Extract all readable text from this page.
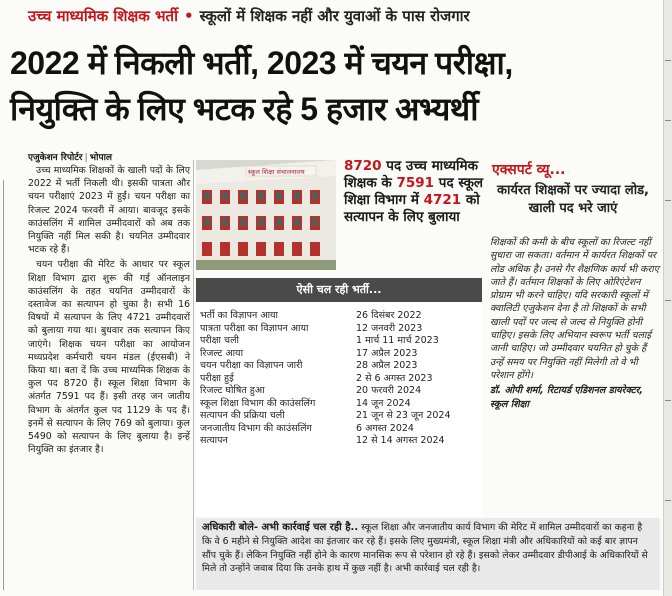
उच्च माध्यमिक शिक्षक भर्ती • स्कूलों में शिक्षक नहीं और युवाओं के पास रोजगार
2022 में निकली भर्ती, 2023 में चयन परीक्षा,
नियुक्ति के लिए भटक रहे 5 हजार अभ्यर्थी
एजुकेशन रिपोर्टर | भोपाल

उच्च माध्यमिक शिक्षकों के खाली पदों के लिए 2022 में भर्ती निकली थी। इसकी पात्रता और चयन परीक्षाएं 2023 में हुईं। चयन परीक्षा का रिजल्ट 2024 फरवरी में आया। बावजूद इसके काउंसलिंग में शामिल उम्मीदवारों को अब तक नियुक्ति नहीं मिल सकी है। चयनित उम्मीदवार भटक रहे हैं।

चयन परीक्षा की मेरिट के आधार पर स्कूल शिक्षा विभाग द्वारा शुरू की गई ऑनलाइन काउंसलिंग के तहत चयनित उम्मीदवारों के दस्तावेज का सत्यापन हो चुका है। सभी 16 विषयों में सत्यापन के लिए 4721 उम्मीदवारों को बुलाया गया था। बुधवार तक सत्यापन किए जाएंगे। शिक्षक चयन परीक्षा का आयोजन मध्यप्रदेश कर्मचारी चयन मंडल (ईएसबी) ने किया था। बता दें कि उच्च माध्यमिक शिक्षक के कुल पद 8720 हैं। स्कूल शिक्षा विभाग के अंतर्गत 7591 पद हैं। इसी तरह जन जातीय विभाग के अंतर्गत कुल पद 1129 के पद हैं। इनमें से सत्यापन के लिए 769 को बुलाया। कुल 5490 को सत्यापन के लिए बुलाया है। इन्हें नियुक्ति का इंतजार है।

स्कूल शिक्षा संचालनालय	8720 पद उच्च माध्यमिक शिक्षक के 7591 पद स्कूल शिक्षा विभाग में 4721 को सत्यापन के लिए बुलाया
एक्सपर्ट व्यू...
कार्यरत शिक्षकों पर ज्यादा लोड, खाली पद भरे जाएं
शिक्षकों की कमी के बीच स्कूलों का रिजल्ट नहीं सुधारा जा सकता। वर्तमान में कार्यरत शिक्षकों पर लोड अधिक है। उनसे गैर शैक्षणिक कार्य भी कराए जाते हैं। वर्तमान शिक्षकों के लिए ओरिएंटेशन प्रोग्राम भी करने चाहिए। यदि सरकारी स्कूलों में क्वालिटी एजुकेशन देना है तो शिक्षकों के सभी खाली पदों पर जल्द से जल्द से नियुक्ति होनी चाहिए। इसके लिए अभियान स्वरूप भर्ती चलाई जानी चाहिए। जो उम्मीदवार चयनित हो चुके हैं उन्हें समय पर नियुक्ति नहीं मिलेगी तो वे भी परेशान होंगे।
डॉ. ओपी शर्मा, रिटायर्ड एडिशनल डायरेक्टर, स्कूल शिक्षा
ऐसी चल रही भर्ती...
भर्ती का विज्ञापन आया	26 दिसंबर 2022
पात्रता परीक्षा का विज्ञापन आया	12 जनवरी 2023
परीक्षा चली	1 मार्च 11 मार्च 2023
रिजल्ट आया	17 अप्रैल 2023
चयन परीक्षा का विज्ञापन जारी	28 अप्रैल 2023
परीक्षा हुई	2 से 6 अगस्त 2023
रिजल्ट घोषित हुआ	20 फरवरी 2024
स्कूल शिक्षा विभाग की काउंसलिंग	14 जून 2024
सत्यापन की प्रक्रिया चली	21 जून से 23 जून 2024
जनजातीय विभाग की काउंसलिंग	6 अगस्त 2024
सत्यापन	12 से 14 अगस्त 2024
अधिकारी बोले- अभी कार्रवाई चल रही है.. स्कूल शिक्षा और जनजातीय कार्य विभाग की मेरिट में शामिल उम्मीदवारों का कहना है कि वे 6 महीने से नियुक्ति आदेश का इंतजार कर रहे हैं। इसके लिए मुख्यमंत्री, स्कूल शिक्षा मंत्री और अधिकारियों को कई बार ज्ञापन सौंप चुके हैं। लेकिन नियुक्ति नहीं होने के कारण मानसिक रूप से परेशान हो रहे हैं। इसको लेकर उम्मीदवार डीपीआई के अधिकारियों से मिले तो उन्होंने जवाब दिया कि उनके हाथ में कुछ नहीं है। अभी कार्रवाई चल रही है।
